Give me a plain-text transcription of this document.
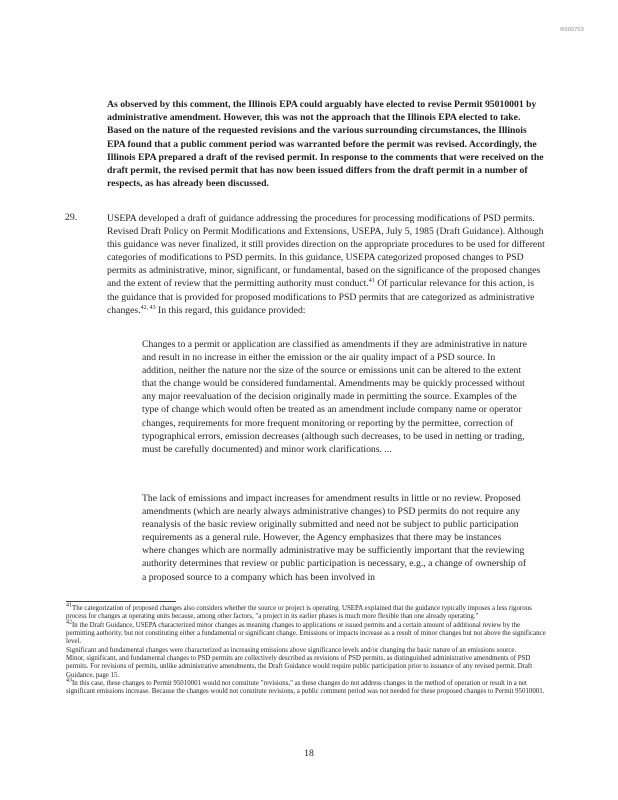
R000703
As observed by this comment, the Illinois EPA could arguably have elected to revise Permit 95010001 by administrative amendment. However, this was not the approach that the Illinois EPA elected to take. Based on the nature of the requested revisions and the various surrounding circumstances, the Illinois EPA found that a public comment period was warranted before the permit was revised. Accordingly, the Illinois EPA prepared a draft of the revised permit. In response to the comments that were received on the draft permit, the revised permit that has now been issued differs from the draft permit in a number of respects, as has already been discussed.
29.	USEPA developed a draft of guidance addressing the procedures for processing modifications of PSD permits. Revised Draft Policy on Permit Modifications and Extensions, USEPA, July 5, 1985 (Draft Guidance). Although this guidance was never finalized, it still provides direction on the appropriate procedures to be used for different categories of modifications to PSD permits. In this guidance, USEPA categorized proposed changes to PSD permits as administrative, minor, significant, or fundamental, based on the significance of the proposed changes and the extent of review that the permitting authority must conduct.$^{41}$ Of particular relevance for this action, is the guidance that is provided for proposed modifications to PSD permits that are categorized as administrative changes.$^{42, 43}$ In this regard, this guidance provided:
Changes to a permit or application are classified as amendments if they are administrative in nature and result in no increase in either the emission or the air quality impact of a PSD source. In addition, neither the nature nor the size of the source or emissions unit can be altered to the extent that the change would be considered fundamental. Amendments may be quickly processed without any major reevaluation of the decision originally made in permitting the source. Examples of the type of change which would often be treated as an amendment include company name or operator changes, requirements for more frequent monitoring or reporting by the permittee, correction of typographical errors, emission decreases (although such decreases, to be used in netting or trading, must be carefully documented) and minor work clarifications. ...
The lack of emissions and impact increases for amendment results in little or no review. Proposed amendments (which are nearly always administrative changes) to PSD permits do not require any reanalysis of the basic review originally submitted and need not be subject to public participation requirements as a general rule. However, the Agency emphasizes that there may be instances where changes which are normally administrative may be sufficiently important that the reviewing authority determines that review or public participation is necessary, e.g., a change of ownership of a proposed source to a company which has been involved in

$^{41}$The categorization of proposed changes also considers whether the source or project is operating. USEPA explained that the guidance typically imposes a less rigorous process for changes at operating units because, among other factors, "a project in its earlier phases is much more flexible than one already operating."

$^{42}$In the Draft Guidance, USEPA characterized minor changes as meaning changes to applications or issued permits and a certain amount of additional review by the permitting authority, but not constituting either a fundamental or significant change. Emissions or impacts increase as a result of minor changes but not above the significance level.

Significant and fundamental changes were characterized as increasing emissions above significance levels and/or changing the basic nature of an emissions source.

Minor, significant, and fundamental changes to PSD permits are collectively described as revisions of PSD permits, as distinguished administrative amendments of PSD permits. For revisions of permits, unlike administrative amendments, the Draft Guidance would require public participation prior to issuance of any revised permit. Draft Guidance, page 15.

$^{43}$In this case, these changes to Permit 95010001 would not constitute "revisions," as these changes do not address changes in the method of operation or result in a net significant emissions increase. Because the changes would not constitute revisions, a public comment period was not needed for these proposed changes to Permit 95010001.

18
